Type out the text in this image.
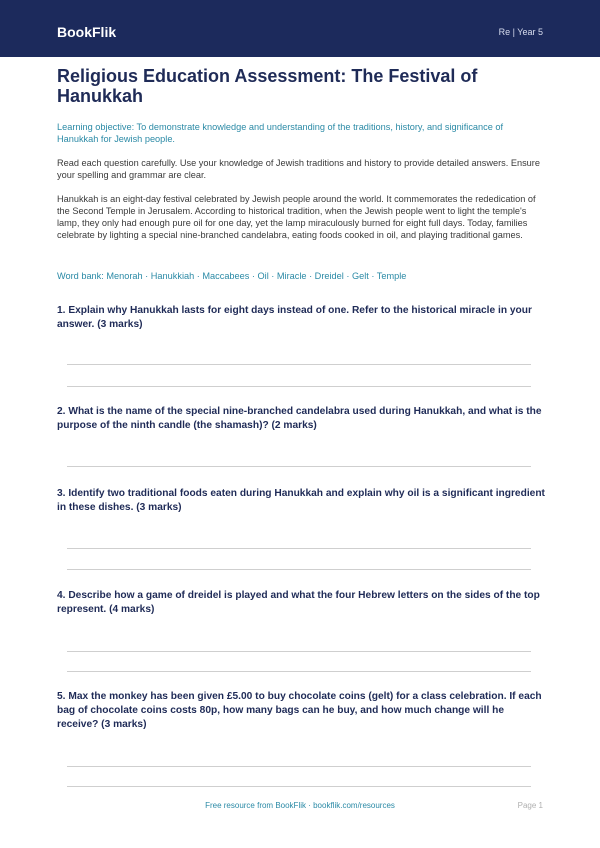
BookFlik	Re | Year 5
Religious Education Assessment: The Festival of Hanukkah
Learning objective: To demonstrate knowledge and understanding of the traditions, history, and significance of Hanukkah for Jewish people.
Read each question carefully. Use your knowledge of Jewish traditions and history to provide detailed answers. Ensure your spelling and grammar are clear.
Hanukkah is an eight-day festival celebrated by Jewish people around the world. It commemorates the rededication of the Second Temple in Jerusalem. According to historical tradition, when the Jewish people went to light the temple's lamp, they only had enough pure oil for one day, yet the lamp miraculously burned for eight full days. Today, families celebrate by lighting a special nine-branched candelabra, eating foods cooked in oil, and playing traditional games.
Word bank: Menorah · Hanukkiah · Maccabees · Oil · Miracle · Dreidel · Gelt · Temple
1. Explain why Hanukkah lasts for eight days instead of one. Refer to the historical miracle in your answer. (3 marks)
2. What is the name of the special nine-branched candelabra used during Hanukkah, and what is the purpose of the ninth candle (the shamash)? (2 marks)
3. Identify two traditional foods eaten during Hanukkah and explain why oil is a significant ingredient in these dishes. (3 marks)
4. Describe how a game of dreidel is played and what the four Hebrew letters on the sides of the top represent. (4 marks)
5. Max the monkey has been given £5.00 to buy chocolate coins (gelt) for a class celebration. If each bag of chocolate coins costs 80p, how many bags can he buy, and how much change will he receive? (3 marks)
Free resource from BookFlik · bookflik.com/resources	Page 1
